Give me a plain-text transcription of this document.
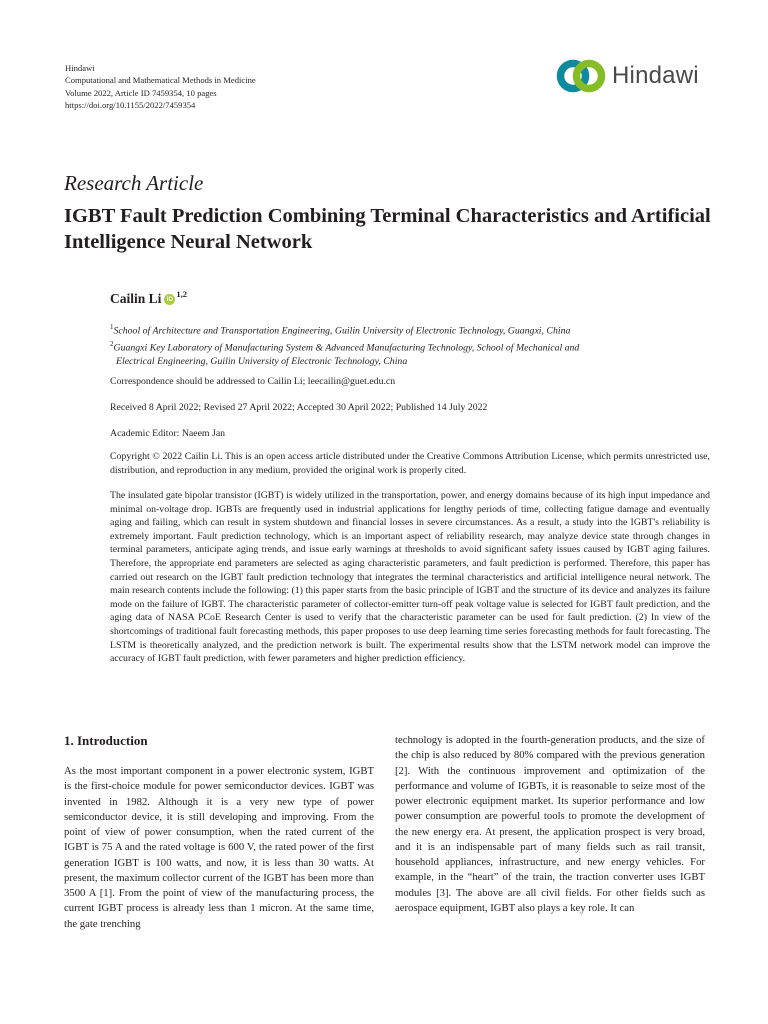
Hindawi
Computational and Mathematical Methods in Medicine
Volume 2022, Article ID 7459354, 10 pages
https://doi.org/10.1155/2022/7459354
Hindawi
Research Article
IGBT Fault Prediction Combining Terminal Characteristics and Artificial Intelligence Neural Network
Cailin Li iD $^{1,2}$
$^1$School of Architecture and Transportation Engineering, Guilin University of Electronic Technology, Guangxi, China
$^2$Guangxi Key Laboratory of Manufacturing System & Advanced Manufacturing Technology, School of Mechanical and
Electrical Engineering, Guilin University of Electronic Technology, China
Correspondence should be addressed to Cailin Li; leecailin@guet.edu.cn
Received 8 April 2022; Revised 27 April 2022; Accepted 30 April 2022; Published 14 July 2022
Academic Editor: Naeem Jan
Copyright © 2022 Cailin Li. This is an open access article distributed under the Creative Commons Attribution License, which permits unrestricted use, distribution, and reproduction in any medium, provided the original work is properly cited.
The insulated gate bipolar transistor (IGBT) is widely utilized in the transportation, power, and energy domains because of its high input impedance and minimal on-voltage drop. IGBTs are frequently used in industrial applications for lengthy periods of time, collecting fatigue damage and eventually aging and failing, which can result in system shutdown and financial losses in severe circumstances. As a result, a study into the IGBT's reliability is extremely important. Fault prediction technology, which is an important aspect of reliability research, may analyze device state through changes in terminal parameters, anticipate aging trends, and issue early warnings at thresholds to avoid significant safety issues caused by IGBT aging failures. Therefore, the appropriate end parameters are selected as aging characteristic parameters, and fault prediction is performed. Therefore, this paper has carried out research on the IGBT fault prediction technology that integrates the terminal characteristics and artificial intelligence neural network. The main research contents include the following: (1) this paper starts from the basic principle of IGBT and the structure of its device and analyzes its failure mode on the failure of IGBT. The characteristic parameter of collector-emitter turn-off peak voltage value is selected for IGBT fault prediction, and the aging data of NASA PCoE Research Center is used to verify that the characteristic parameter can be used for fault prediction. (2) In view of the shortcomings of traditional fault forecasting methods, this paper proposes to use deep learning time series forecasting methods for fault forecasting. The LSTM is theoretically analyzed, and the prediction network is built. The experimental results show that the LSTM network model can improve the accuracy of IGBT fault prediction, with fewer parameters and higher prediction efficiency.
1. Introduction
As the most important component in a power electronic system, IGBT is the first-choice module for power semiconductor devices. IGBT was invented in 1982. Although it is a very new type of power semiconductor device, it is still developing and improving. From the point of view of power consumption, when the rated current of the IGBT is 75 A and the rated voltage is 600 V, the rated power of the first generation IGBT is 100 watts, and now, it is less than 30 watts. At present, the maximum collector current of the IGBT has been more than 3500 A [1]. From the point of view of the manufacturing process, the current IGBT process is already less than 1 micron. At the same time, the gate trenching
technology is adopted in the fourth-generation products, and the size of the chip is also reduced by 80% compared with the previous generation [2]. With the continuous improvement and optimization of the performance and volume of IGBTs, it is reasonable to seize most of the power electronic equipment market. Its superior performance and low power consumption are powerful tools to promote the development of the new energy era. At present, the application prospect is very broad, and it is an indispensable part of many fields such as rail transit, household appliances, infrastructure, and new energy vehicles. For example, in the “heart” of the train, the traction converter uses IGBT modules [3]. The above are all civil fields. For other fields such as aerospace equipment, IGBT also plays a key role. It can
